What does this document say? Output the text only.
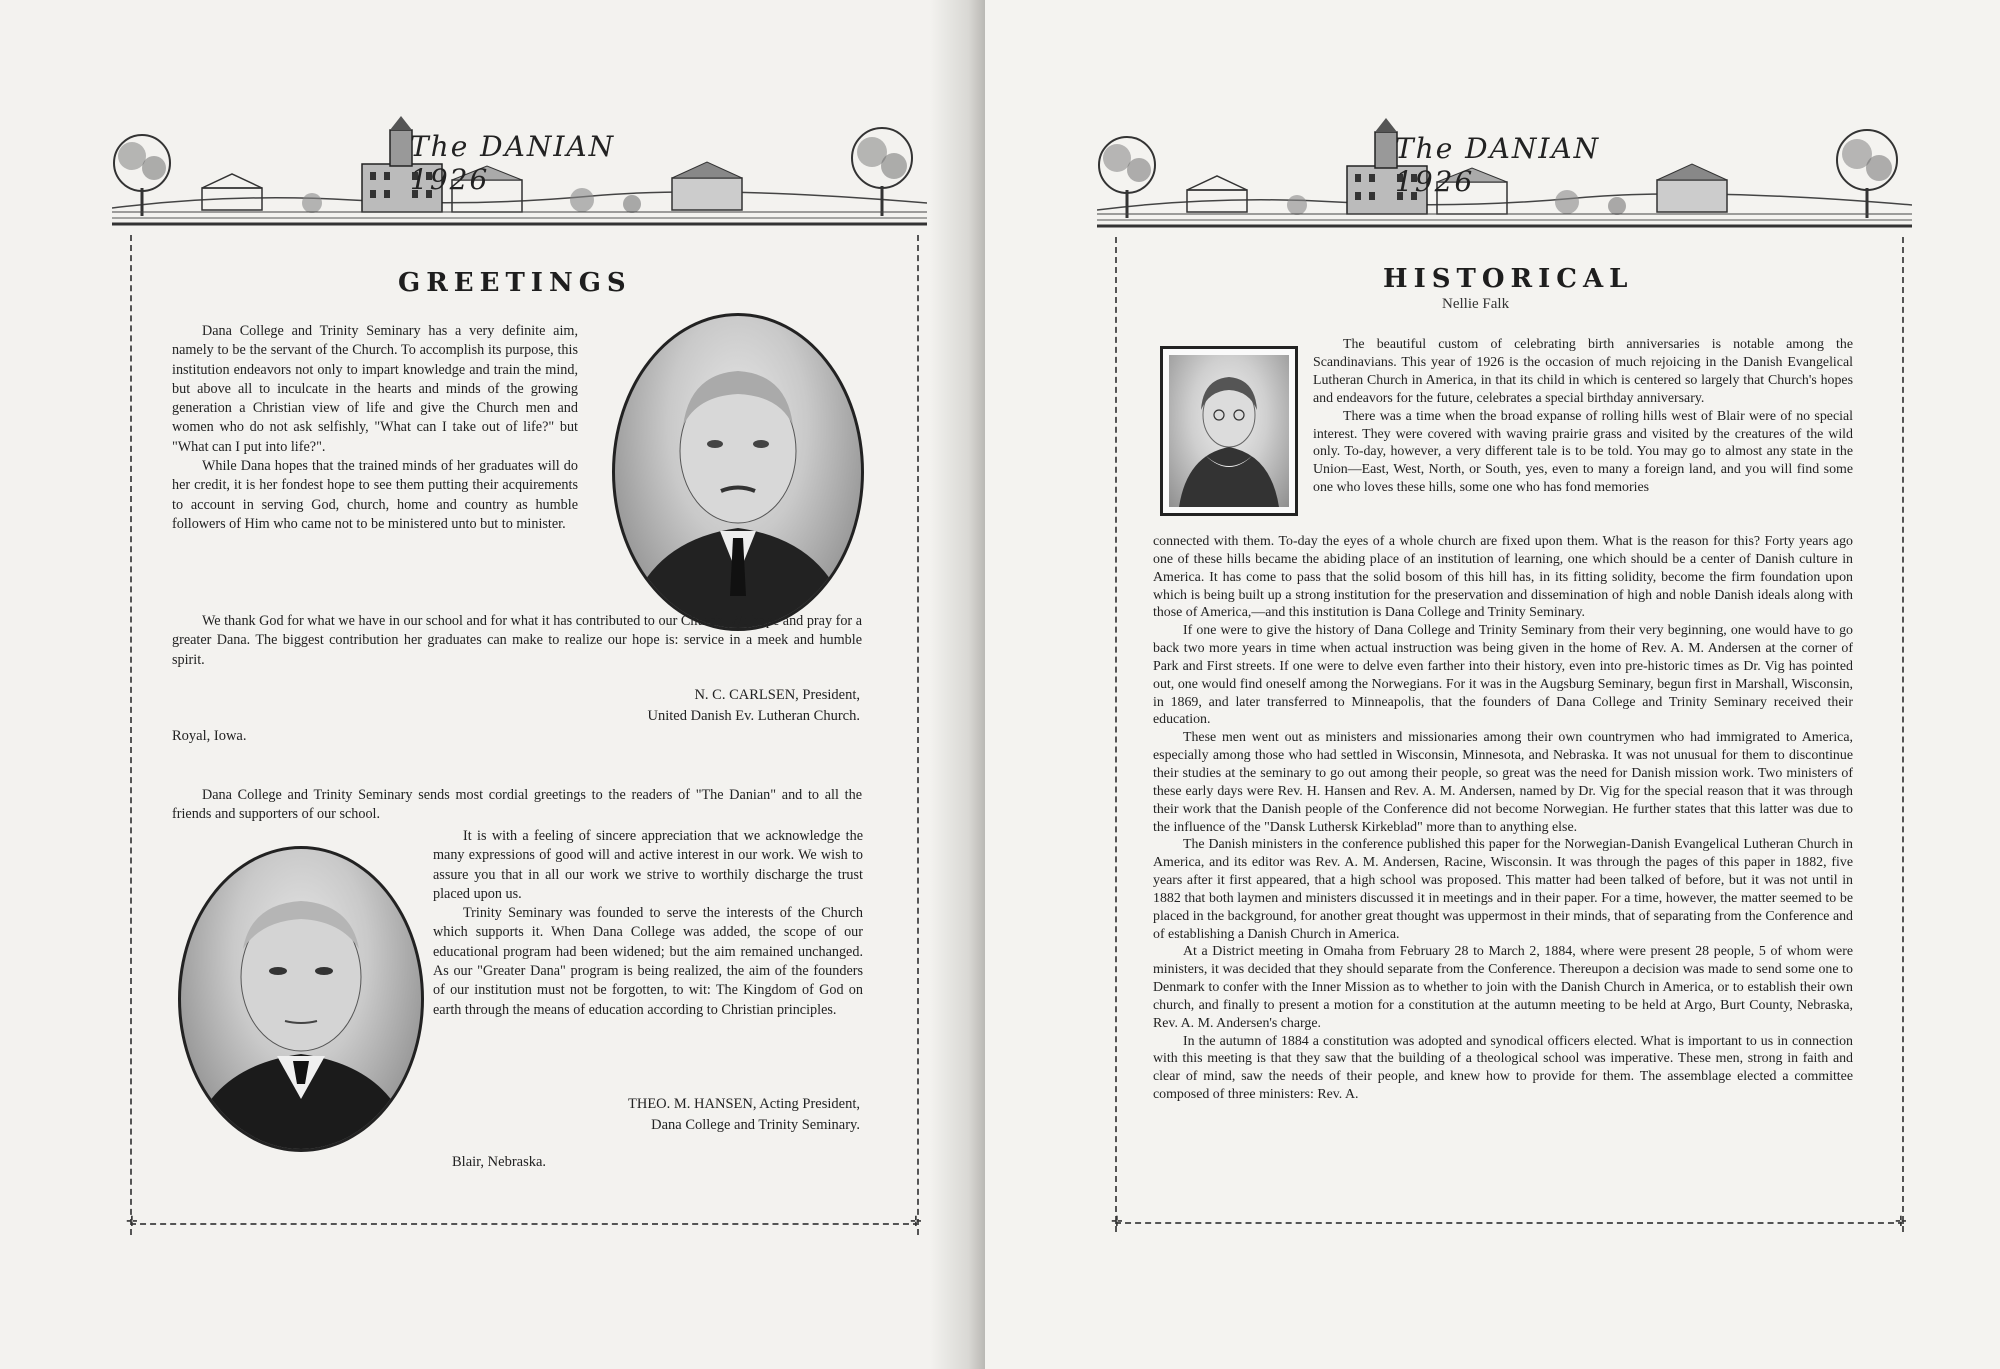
The DANIAN 1926
✛	✛
GREETINGS

Dana College and Trinity Seminary has a very definite aim, namely to be the servant of the Church. To accomplish its purpose, this institution endeavors not only to impart knowledge and train the mind, but above all to inculcate in the hearts and minds of the growing generation a Christian view of life and give the Church men and women who do not ask selfishly, "What can I take out of life?" but "What can I put into life?".

While Dana hopes that the trained minds of her graduates will do her credit, it is her fondest hope to see them putting their acquirements to account in serving God, church, home and country as humble followers of Him who came not to be ministered unto but to minister.

We thank God for what we have in our school and for what it has contributed to our Church. We hope and pray for a greater Dana. The biggest contribution her graduates can make to realize our hope is: service in a meek and humble spirit.

N. C. CARLSEN, President,
United Danish Ev. Lutheran Church.
Royal, Iowa.

Dana College and Trinity Seminary sends most cordial greetings to the readers of "The Danian" and to all the friends and supporters of our school.

It is with a feeling of sincere appreciation that we acknowledge the many expressions of good will and active interest in our work. We wish to assure you that in all our work we strive to worthily discharge the trust placed upon us.

Trinity Seminary was founded to serve the interests of the Church which supports it. When Dana College was added, the scope of our educational program had been widened; but the aim remained unchanged. As our "Greater Dana" program is being realized, the aim of the founders of our institution must not be forgotten, to wit: The Kingdom of God on earth through the means of education according to Christian principles.

THEO. M. HANSEN, Acting President,
Dana College and Trinity Seminary.
Blair, Nebraska.
The DANIAN 1926
✛	✛
HISTORICAL
Nellie Falk

The beautiful custom of celebrating birth anniversaries is notable among the Scandinavians. This year of 1926 is the occasion of much rejoicing in the Danish Evangelical Lutheran Church in America, in that its child in which is centered so largely that Church's hopes and endeavors for the future, celebrates a special birthday anniversary.

There was a time when the broad expanse of rolling hills west of Blair were of no special interest. They were covered with waving prairie grass and visited by the creatures of the wild only. To-day, however, a very different tale is to be told. You may go to almost any state in the Union—East, West, North, or South, yes, even to many a foreign land, and you will find some one who loves these hills, some one who has fond memories

connected with them. To-day the eyes of a whole church are fixed upon them. What is the reason for this? Forty years ago one of these hills became the abiding place of an institution of learning, one which should be a center of Danish culture in America. It has come to pass that the solid bosom of this hill has, in its fitting solidity, become the firm foundation upon which is being built up a strong institution for the preservation and dissemination of high and noble Danish ideals along with those of America,—and this institution is Dana College and Trinity Seminary.

If one were to give the history of Dana College and Trinity Seminary from their very beginning, one would have to go back two more years in time when actual instruction was being given in the home of Rev. A. M. Andersen at the corner of Park and First streets. If one were to delve even farther into their history, even into pre-historic times as Dr. Vig has pointed out, one would find oneself among the Norwegians. For it was in the Augsburg Seminary, begun first in Marshall, Wisconsin, in 1869, and later transferred to Minneapolis, that the founders of Dana College and Trinity Seminary received their education.

These men went out as ministers and missionaries among their own countrymen who had immigrated to America, especially among those who had settled in Wisconsin, Minnesota, and Nebraska. It was not unusual for them to discontinue their studies at the seminary to go out among their people, so great was the need for Danish mission work. Two ministers of these early days were Rev. H. Hansen and Rev. A. M. Andersen, named by Dr. Vig for the special reason that it was through their work that the Danish people of the Conference did not become Norwegian. He further states that this latter was due to the influence of the "Dansk Luthersk Kirkeblad" more than to anything else.

The Danish ministers in the conference published this paper for the Norwegian-Danish Evangelical Lutheran Church in America, and its editor was Rev. A. M. Andersen, Racine, Wisconsin. It was through the pages of this paper in 1882, five years after it first appeared, that a high school was proposed. This matter had been talked of before, but it was not until in 1882 that both laymen and ministers discussed it in meetings and in their paper. For a time, however, the matter seemed to be placed in the background, for another great thought was uppermost in their minds, that of separating from the Conference and of establishing a Danish Church in America.

At a District meeting in Omaha from February 28 to March 2, 1884, where were present 28 people, 5 of whom were ministers, it was decided that they should separate from the Conference. Thereupon a decision was made to send some one to Denmark to confer with the Inner Mission as to whether to join with the Danish Church in America, or to establish their own church, and finally to present a motion for a constitution at the autumn meeting to be held at Argo, Burt County, Nebraska, Rev. A. M. Andersen's charge.

In the autumn of 1884 a constitution was adopted and synodical officers elected. What is important to us in connection with this meeting is that they saw that the building of a theological school was imperative. These men, strong in faith and clear of mind, saw the needs of their people, and knew how to provide for them. The assemblage elected a committee composed of three ministers: Rev. A.
